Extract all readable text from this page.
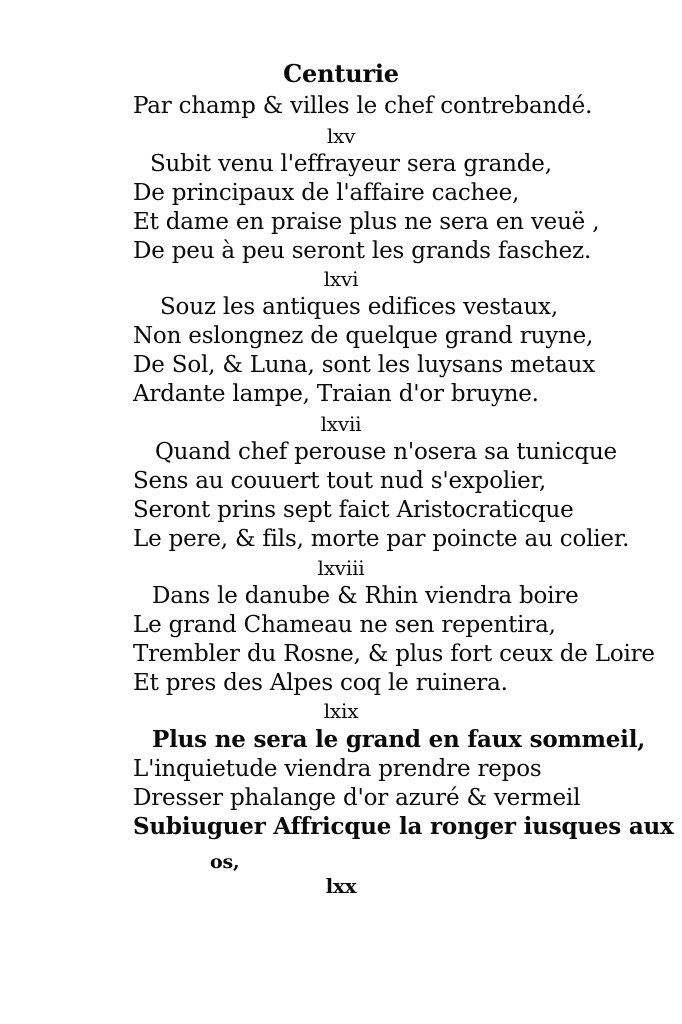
Centurie
Par champ & villes le chef contrebandé.
lxv
Subit venu l'effrayeur sera grande,
De principaux de l'affaire cachee,
Et dame en praise plus ne sera en veuë ,
De peu à peu seront les grands faschez.
lxvi
Souz les antiques edifices vestaux,
Non eslongnez de quelque grand ruyne,
De Sol, & Luna, sont les luysans metaux
Ardante lampe, Traian d'or bruyne.
lxvii
Quand chef perouse n'osera sa tunicque
Sens au couuert tout nud s'expolier,
Seront prins sept faict Aristocraticque
Le pere, & fils, morte par poincte au colier.
lxviii
Dans le danube & Rhin viendra boire
Le grand Chameau ne sen repentira,
Trembler du Rosne, & plus fort ceux de Loire
Et pres des Alpes coq le ruinera.
lxix
Plus ne sera le grand en faux sommeil,
L'inquietude viendra prendre repos
Dresser phalange d'or azuré & vermeil
Subiuguer Affricque la ronger iusques aux
os,
lxx
